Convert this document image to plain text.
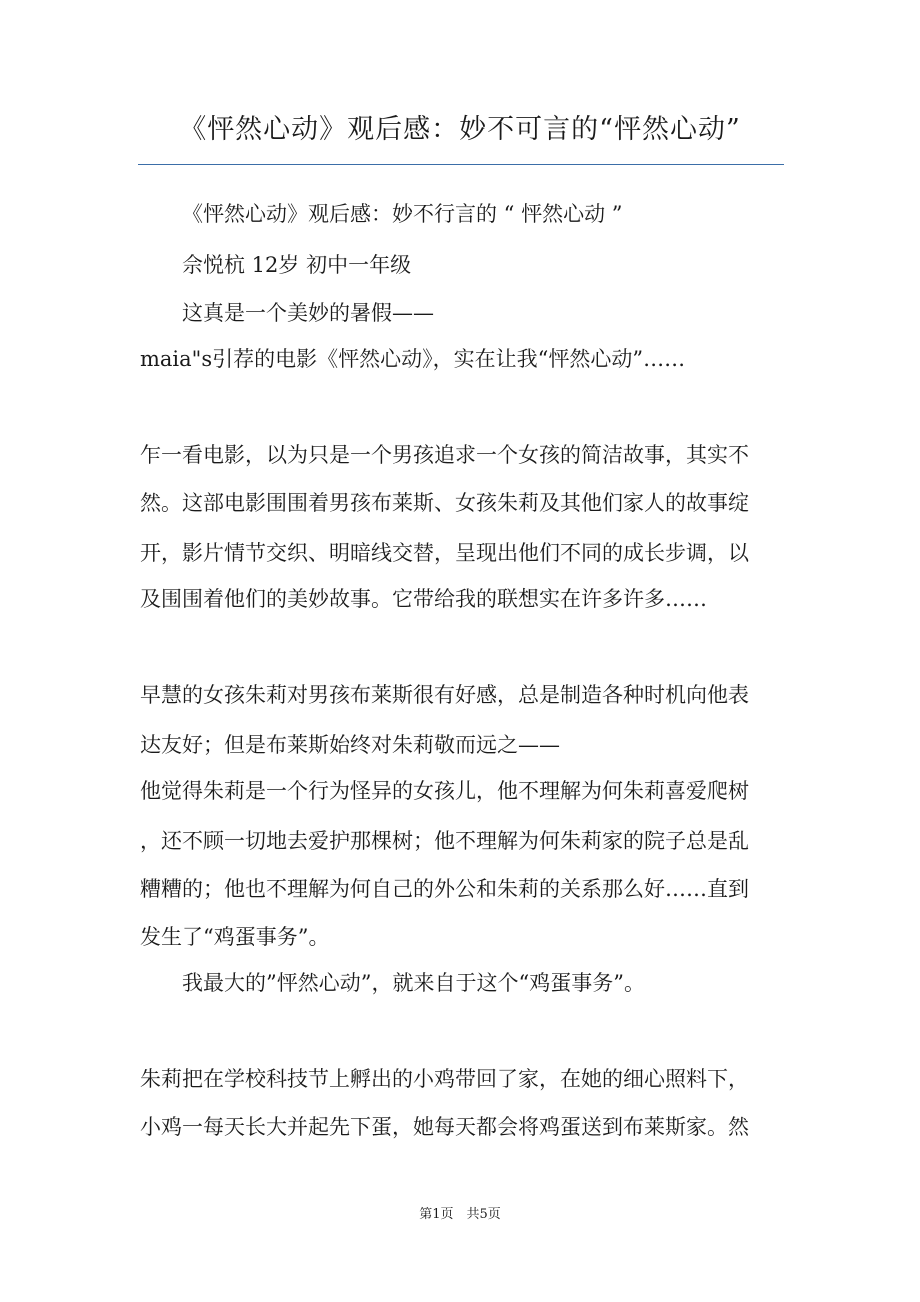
《怦然心动》观后感：妙不可言的“怦然心动”
《怦然心动》观后感：妙不行言的 “ 怦然心动 ”
佘悦杭 12岁 初中一年级
这真是一个美妙的暑假——
maia"s引荐的电影《怦然心动》，实在让我“怦然心动”……
乍一看电影，以为只是一个男孩追求一个女孩的简洁故事，其实不
然。这部电影围围着男孩布莱斯、女孩朱莉及其他们家人的故事绽
开，影片情节交织、明暗线交替，呈现出他们不同的成长步调，以
及围围着他们的美妙故事。它带给我的联想实在许多许多……
早慧的女孩朱莉对男孩布莱斯很有好感，总是制造各种时机向他表
达友好；但是布莱斯始终对朱莉敬而远之——
他觉得朱莉是一个行为怪异的女孩儿，他不理解为何朱莉喜爱爬树
，还不顾一切地去爱护那棵树；他不理解为何朱莉家的院子总是乱
糟糟的；他也不理解为何自己的外公和朱莉的关系那么好……直到
发生了“鸡蛋事务”。
我最大的”怦然心动”，就来自于这个“鸡蛋事务”。
朱莉把在学校科技节上孵出的小鸡带回了家，在她的细心照料下，
小鸡一每天长大并起先下蛋，她每天都会将鸡蛋送到布莱斯家。然
第1页　共5页
